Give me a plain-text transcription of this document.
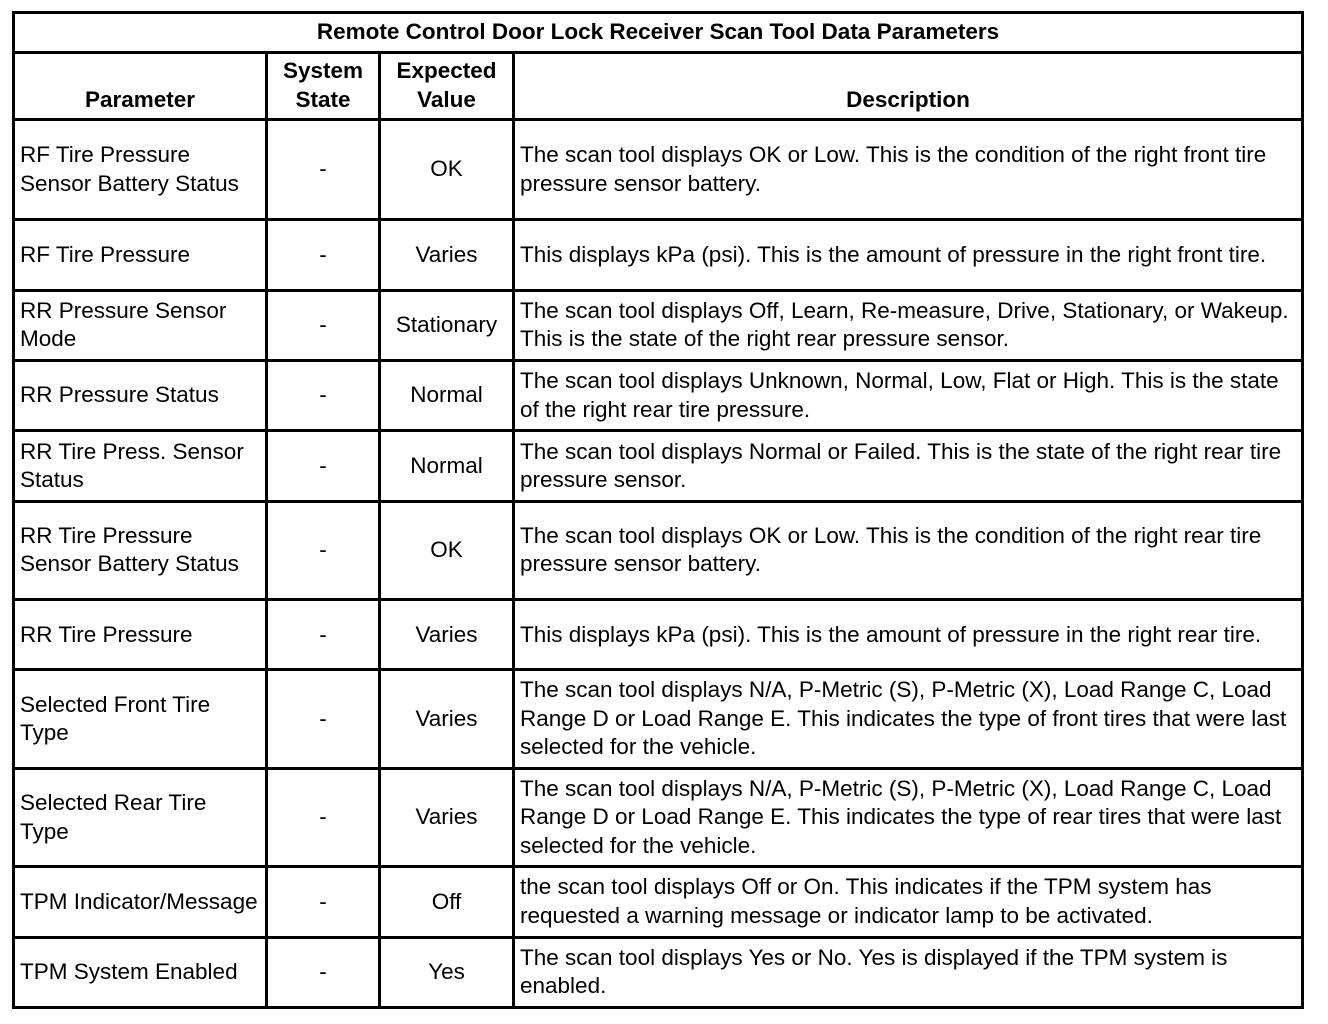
Remote Control Door Lock Receiver Scan Tool Data Parameters			
Parameter	System State	Expected Value	Description
RF Tire Pressure Sensor Battery Status	-	OK	The scan tool displays OK or Low. This is the condition of the right front tire pressure sensor battery.
RF Tire Pressure	-	Varies	This displays kPa (psi). This is the amount of pressure in the right front tire.
RR Pressure Sensor Mode	-	Stationary	The scan tool displays Off, Learn, Re-measure, Drive, Stationary, or Wakeup. This is the state of the right rear pressure sensor.
RR Pressure Status	-	Normal	The scan tool displays Unknown, Normal, Low, Flat or High. This is the state of the right rear tire pressure.
RR Tire Press. Sensor Status	-	Normal	The scan tool displays Normal or Failed. This is the state of the right rear tire pressure sensor.
RR Tire Pressure Sensor Battery Status	-	OK	The scan tool displays OK or Low. This is the condition of the right rear tire pressure sensor battery.
RR Tire Pressure	-	Varies	This displays kPa (psi). This is the amount of pressure in the right rear tire.
Selected Front Tire Type	-	Varies	The scan tool displays N/A, P-Metric (S), P-Metric (X), Load Range C, Load Range D or Load Range E. This indicates the type of front tires that were last selected for the vehicle.
Selected Rear Tire Type	-	Varies	The scan tool displays N/A, P-Metric (S), P-Metric (X), Load Range C, Load Range D or Load Range E. This indicates the type of rear tires that were last selected for the vehicle.
TPM Indicator/Message	-	Off	the scan tool displays Off or On. This indicates if the TPM system has requested a warning message or indicator lamp to be activated.
TPM System Enabled	-	Yes	The scan tool displays Yes or No. Yes is displayed if the TPM system is enabled.
